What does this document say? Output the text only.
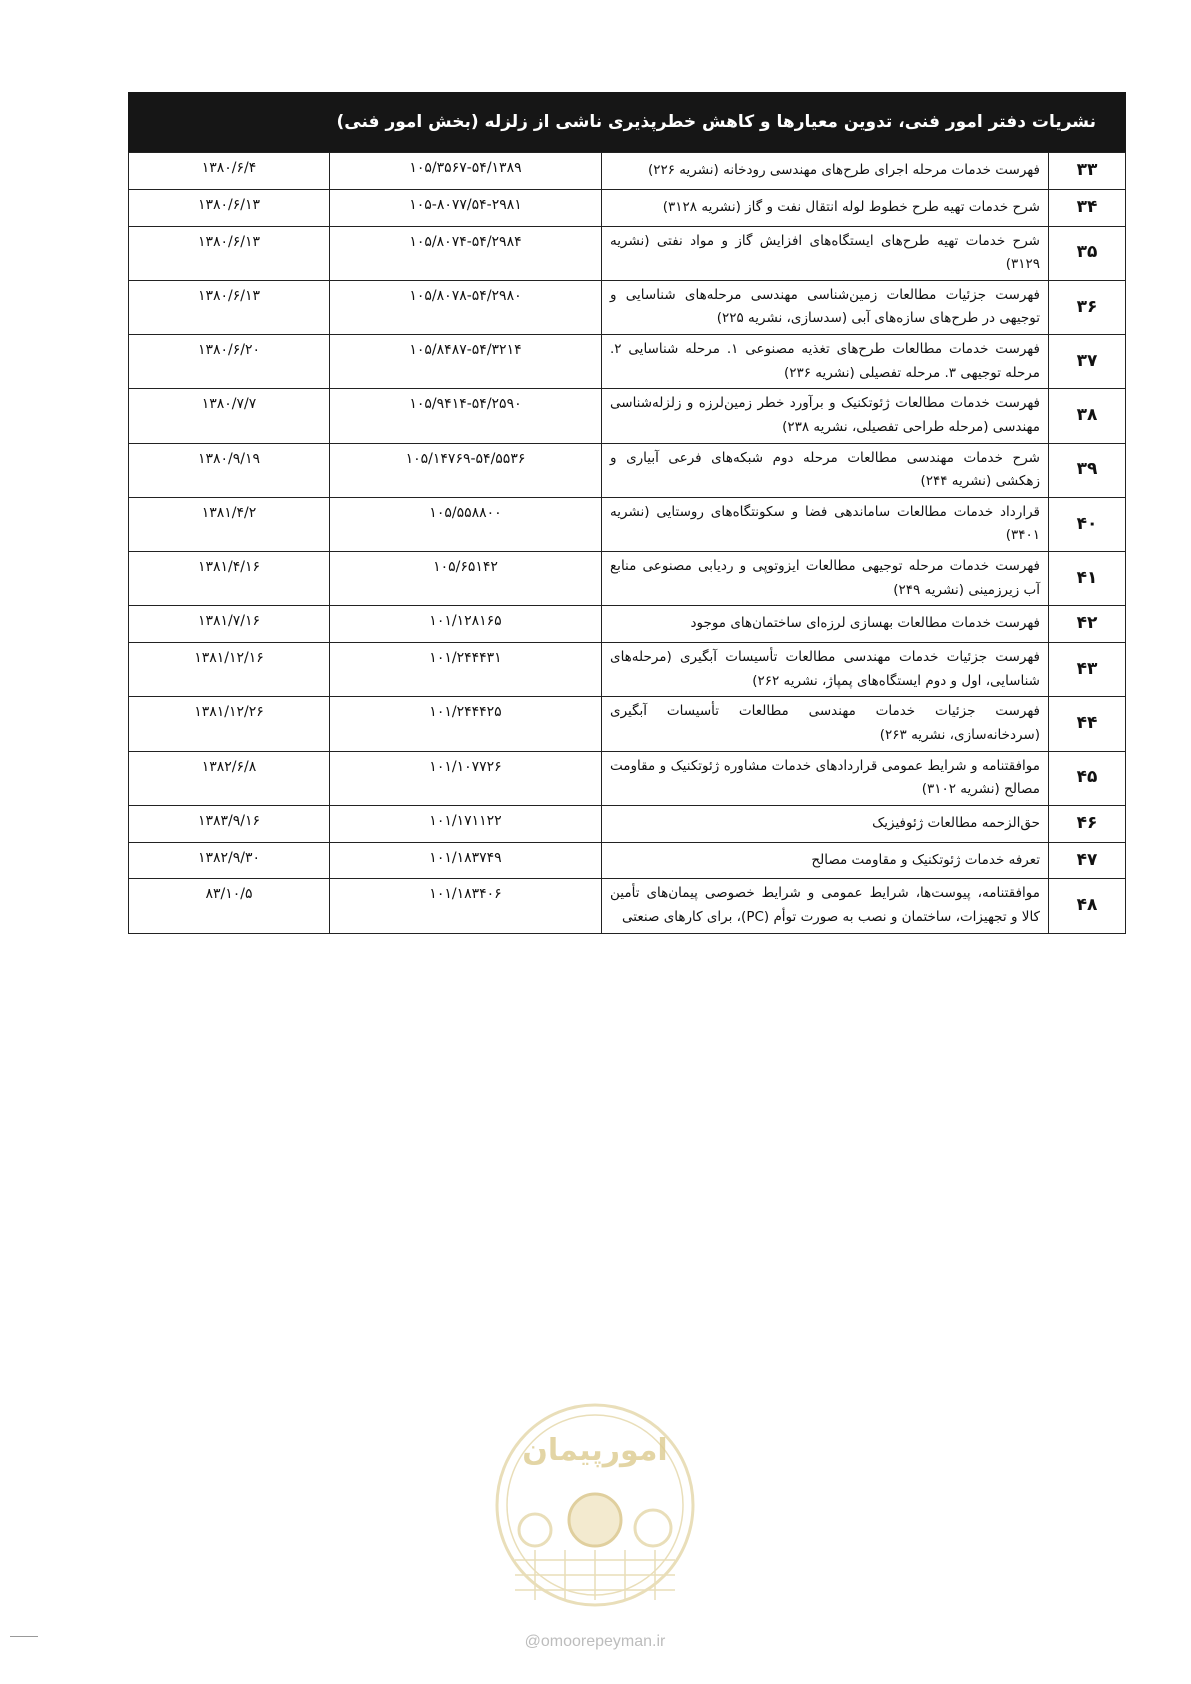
نشریات دفتر امور فنی، تدوین معیارها و کاهش خطرپذیری ناشی از زلزله (بخش امور فنی)
۳۳	فهرست خدمات مرحله اجرای طرح‌های مهندسی رودخانه (نشریه ۲۲۶)	۱۰۵/۳۵۶۷-۵۴/۱۳۸۹	۱۳۸۰/۶/۴
۳۴	شرح خدمات تهیه طرح خطوط لوله انتقال نفت و گاز (نشریه ۳۱۲۸)	۱۰۵-۸۰۷۷/۵۴-۲۹۸۱	۱۳۸۰/۶/۱۳
۳۵	شرح خدمات تهیه طرح‌های ایستگاه‌های افزایش گاز و مواد نفتی (نشریه ۳۱۲۹)	۱۰۵/۸۰۷۴-۵۴/۲۹۸۴	۱۳۸۰/۶/۱۳
۳۶	فهرست جزئیات مطالعات زمین‌شناسی مهندسی مرحله‌های شناسایی و توجیهی در طرح‌های سازه‌های آبی (سدسازی، نشریه ۲۲۵)	۱۰۵/۸۰۷۸-۵۴/۲۹۸۰	۱۳۸۰/۶/۱۳
۳۷	فهرست خدمات مطالعات طرح‌های تغذیه مصنوعی ۱. مرحله شناسایی ۲. مرحله توجیهی ۳. مرحله تفصیلی (نشریه ۲۳۶)	۱۰۵/۸۴۸۷-۵۴/۳۲۱۴	۱۳۸۰/۶/۲۰
۳۸	فهرست خدمات مطالعات ژئوتکنیک و برآورد خطر زمین‌لرزه و زلزله‌شناسی مهندسی (مرحله طراحی تفصیلی، نشریه ۲۳۸)	۱۰۵/۹۴۱۴-۵۴/۲۵۹۰	۱۳۸۰/۷/۷
۳۹	شرح خدمات مهندسی مطالعات مرحله دوم شبکه‌های فرعی آبیاری و زهکشی (نشریه ۲۴۴)	۱۰۵/۱۴۷۶۹-۵۴/۵۵۳۶	۱۳۸۰/۹/۱۹
۴۰	قرارداد خدمات مطالعات ساماندهی فضا و سکونتگاه‌های روستایی (نشریه ۳۴۰۱)	۱۰۵/۵۵۸۸۰۰	۱۳۸۱/۴/۲
۴۱	فهرست خدمات مرحله توجیهی مطالعات ایزوتوپی و ردیابی مصنوعی منابع آب زیرزمینی (نشریه ۲۴۹)	۱۰۵/۶۵۱۴۲	۱۳۸۱/۴/۱۶
۴۲	فهرست خدمات مطالعات بهسازی لرزه‌ای ساختمان‌های موجود	۱۰۱/۱۲۸۱۶۵	۱۳۸۱/۷/۱۶
۴۳	فهرست جزئیات خدمات مهندسی مطالعات تأسیسات آبگیری (مرحله‌های شناسایی، اول و دوم ایستگاه‌های پمپاژ، نشریه ۲۶۲)	۱۰۱/۲۴۴۴۳۱	۱۳۸۱/۱۲/۱۶
۴۴	فهرست جزئیات خدمات مهندسی مطالعات تأسیسات آبگیری (سردخانه‌سازی، نشریه ۲۶۳)	۱۰۱/۲۴۴۴۲۵	۱۳۸۱/۱۲/۲۶
۴۵	موافقتنامه و شرایط عمومی قراردادهای خدمات مشاوره ژئوتکنیک و مقاومت مصالح (نشریه ۳۱۰۲)	۱۰۱/۱۰۷۷۲۶	۱۳۸۲/۶/۸
۴۶	حق‌الزحمه مطالعات ژئوفیزیک	۱۰۱/۱۷۱۱۲۲	۱۳۸۳/۹/۱۶
۴۷	تعرفه خدمات ژئوتکنیک و مقاومت مصالح	۱۰۱/۱۸۳۷۴۹	۱۳۸۲/۹/۳۰
۴۸	موافقتنامه، پیوست‌ها، شرایط عمومی و شرایط خصوصی پیمان‌های تأمین کالا و تجهیزات، ساختمان و نصب به صورت توأم (PC)، برای کارهای صنعتی	۱۰۱/۱۸۳۴۰۶	۸۳/۱۰/۵
امورپیمان
@omoorepeyman.ir
